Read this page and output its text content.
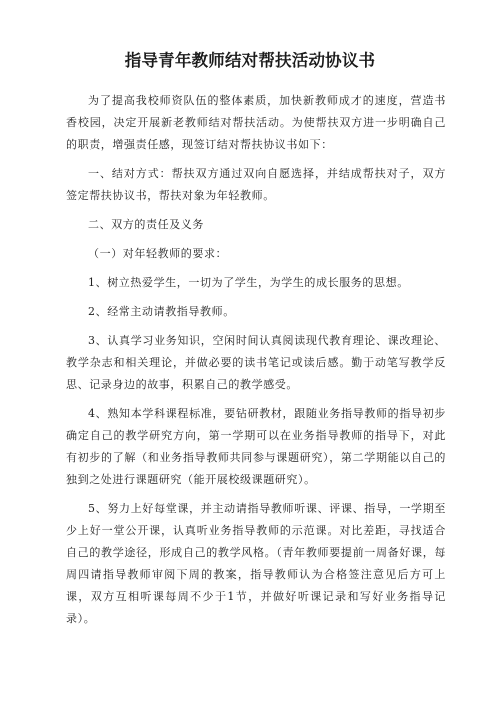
指导青年教师结对帮扶活动协议书

为了提高我校师资队伍的整体素质，加快新教师成才的速度，营造书香校园，决定开展新老教师结对帮扶活动。为使帮扶双方进一步明确自己的职责，增强责任感，现签订结对帮扶协议书如下：

一、结对方式：帮扶双方通过双向自愿选择，并结成帮扶对子，双方签定帮扶协议书，帮扶对象为年轻教师。

二、双方的责任及义务

（一）对年轻教师的要求：

1、树立热爱学生，一切为了学生，为学生的成长服务的思想。

2、经常主动请教指导教师。

3、认真学习业务知识，空闲时间认真阅读现代教育理论、课改理论、教学杂志和相关理论，并做必要的读书笔记或读后感。勤于动笔写教学反思、记录身边的故事，积累自己的教学感受。

4、熟知本学科课程标准，要钻研教材，跟随业务指导教师的指导初步确定自己的教学研究方向，第一学期可以在业务指导教师的指导下，对此有初步的了解（和业务指导教师共同参与课题研究），第二学期能以自己的独到之处进行课题研究（能开展校级课题研究）。

5、努力上好每堂课，并主动请指导教师听课、评课、指导，一学期至少上好一堂公开课，认真听业务指导教师的示范课。对比差距，寻找适合自己的教学途径，形成自己的教学风格。（青年教师要提前一周备好课，每周四请指导教师审阅下周的教案，指导教师认为合格签注意见后方可上课，双方互相听课每周不少于1节，并做好听课记录和写好业务指导记录）。
